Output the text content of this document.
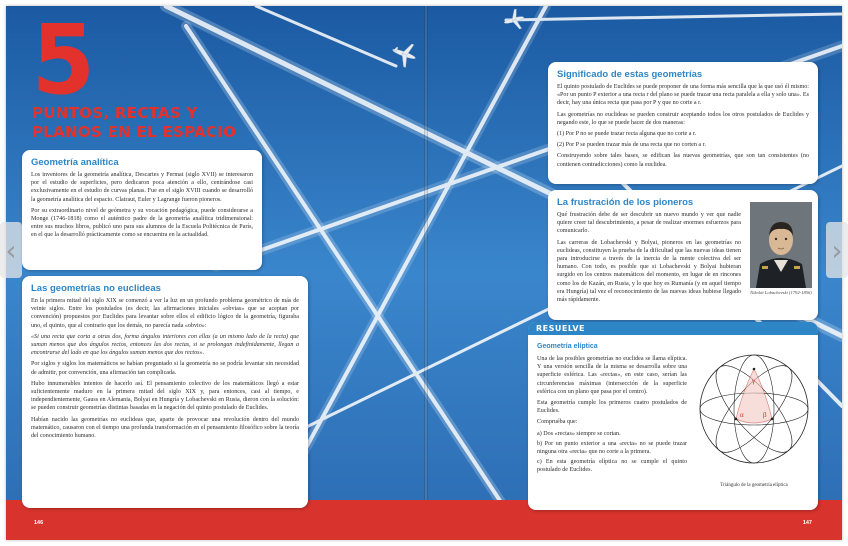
146	147
‹	›
5
PUNTOS, RECTAS Y PLANOS EN EL ESPACIO
Geometría analítica

Los inventores de la geometría analítica, Descartes y Fermat (siglo XVII) se interesaron por el estudio de superficies, pero dedicaron poca atención a ello, centrándose casi exclusivamente en el estudio de curvas planas. Fue en el siglo XVIII cuando se desarrolló la geometría analítica del espacio. Clairaut, Euler y Lagrange fueron pioneros.

Por su extraordinario nivel de geómetra y su vocación pedagógica, puede considerarse a Monge (1746-1818) como el auténtico padre de la geometría analítica tridimensional: entre sus muchos libros, publicó uno para sus alumnos de la Escuela Politécnica de París, en el que la desarrolló prácticamente como se encuentra en la actualidad.

Las geometrías no euclideas

En la primera mitad del siglo XIX se comenzó a ver la luz en un profundo problema geométrico de más de veinte siglos. Entre los postulados (es decir, las afirmaciones iniciales «obvias» que se aceptan por convención) propuestos por Euclides para levantar sobre ellos el edificio lógico de la geometría, figuraba uno, el quinto, que al contrario que los demás, no parecía nada «obvio»:

«Si una recta que corta a otras dos, forma ángulos interiores con ellas (a un mismo lado de la recta) que suman menos que dos ángulos rectos, entonces las dos rectas, si se prolongan indefinidamente, llegan a encontrarse del lado en que los ángulos suman menos que dos rectos».

Por siglos y siglos los matemáticos se habían preguntado si la geometría no se podría levantar sin necesidad de admitir, por convención, una afirmación tan complicada.

Hubo innumerables intentos de hacerlo así. El pensamiento colectivo de los matemáticos llegó a estar suficientemente maduro en la primera mitad del siglo XIX y, para entonces, casi al tiempo, e independientemente, Gauss en Alemania, Bolyai en Hungría y Lobachevski en Rusia, dieron con la solución: se pueden construir geometrías distintas basadas en la negación del quinto postulado de Euclides.

Habían nacido las geometrías no euclideas que, aparte de provocar una revolución dentro del mundo matemático, causaron con el tiempo una profunda transformación en el pensamiento filosófico sobre la teoría del conocimiento humano.

Significado de estas geometrías

El quinto postulado de Euclides se puede proponer de una forma más sencilla que la que usó él mismo: «Por un punto P exterior a una recta r del plano se puede trazar una recta paralela a ella y solo una». Es decir, hay una única recta que pasa por P y que no corte a r.

Las geometrías no euclideas se pueden construir aceptando todos los otros postulados de Euclides y negando este, lo que se puede hacer de dos maneras:

(1) Por P no se puede trazar recta alguna que no corte a r.

(2) Por P se pueden trazar más de una recta que no corten a r.

Construyendo sobre tales bases, se edifican las nuevas geometrías, que son tan consistentes (no contienen contradicciones) como la euclidea.

La frustración de los pioneros

Qué frustración debe de ser descubrir un nuevo mundo y ver que nadie quiere creer tal descubrimiento, a pesar de realizar enormes esfuerzos para comunicarlo.

Las carreras de Lobachevski y Bolyai, pioneros en las geometrías no euclideas, constituyen la prueba de la dificultad que las nuevas ideas tienen para introducirse a través de la inercia de la mente colectiva del ser humano. Con todo, es posible que si Lobachevski y Bolyai hubieran surgido en los centros matemáticos del momento, en lugar de en rincones como los de Kazán, en Rusia, y lo que hoy es Rumanía (y en aquel tiempo era Hungría) tal vez el reconocimiento de las nuevas ideas hubiese llegado más rápidamente.

Nikolái Lobachevski (1792-1856)
RESUELVE
Geometría elíptica

Una de las posibles geometrías no euclidea se llama elíptica. Y una versión sencilla de la misma se desarrolla sobre una superficie esférica. Las «rectas», en este caso, serían las circunferencias máximas (intersección de la superficie esférica con un plano que pasa por el centro).

Esta geometría cumple los primeros cuatro postulados de Euclides.

Compruéba que:

a) Dos «rectas» siempre se cortan.
b) Por un punto exterior a una «recta» no se puede trazar ninguna otra «recta» que no corte a la primera.
c) En esta geometría elíptica no se cumple el quinto postulado de Euclides.
γ
α	β
Triángulo de la geometría elíptica
